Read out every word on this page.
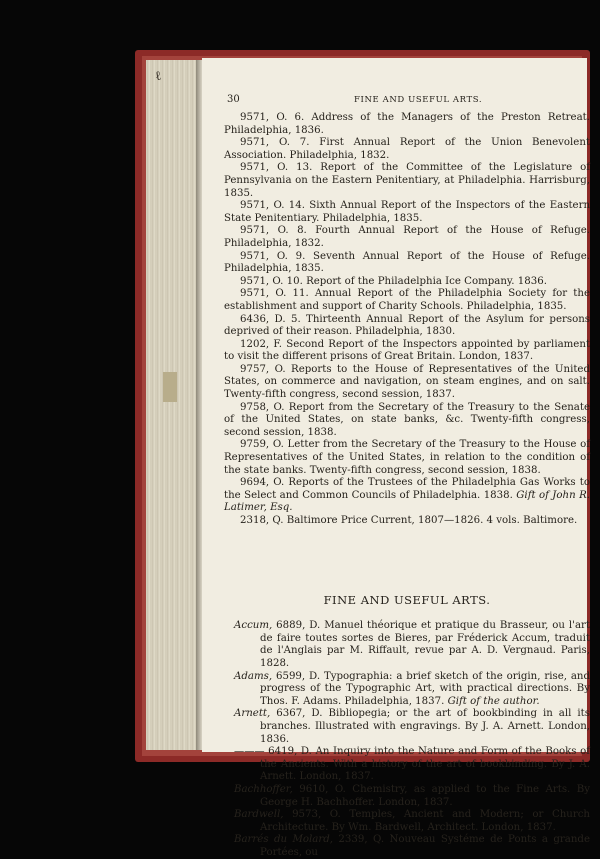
ℓ
30	FINE AND USEFUL ARTS.

9571, O. 6. Address of the Managers of the Preston Retreat. Philadelphia, 1836.

9571, O. 7. First Annual Report of the Union Benevolent Association. Philadelphia, 1832.

9571, O. 13. Report of the Committee of the Legislature of Pennsylvania on the Eastern Penitentiary, at Philadelphia. Harrisburg, 1835.

9571, O. 14. Sixth Annual Report of the Inspectors of the Eastern State Penitentiary. Philadelphia, 1835.

9571, O. 8. Fourth Annual Report of the House of Refuge. Philadelphia, 1832.

9571, O. 9. Seventh Annual Report of the House of Refuge. Philadelphia, 1835.

9571, O. 10. Report of the Philadelphia Ice Company. 1836.

9571, O. 11. Annual Report of the Philadelphia Society for the establishment and support of Charity Schools. Philadelphia, 1835.

6436, D. 5. Thirteenth Annual Report of the Asylum for persons deprived of their reason. Philadelphia, 1830.

1202, F. Second Report of the Inspectors appointed by parliament to visit the different prisons of Great Britain. London, 1837.

9757, O. Reports to the House of Representatives of the United States, on commerce and navigation, on steam engines, and on salt. Twenty-fifth congress, second session, 1837.

9758, O. Report from the Secretary of the Treasury to the Senate of the United States, on state banks, &c. Twenty-fifth congress, second session, 1838.

9759, O. Letter from the Secretary of the Treasury to the House of Representatives of the United States, in relation to the condition of the state banks. Twenty-fifth congress, second session, 1838.

9694, O. Reports of the Trustees of the Philadelphia Gas Works to the Select and Common Councils of Philadelphia. 1838. Gift of John R. Latimer, Esq.

2318, Q. Baltimore Price Current, 1807—1826. 4 vols. Baltimore.

FINE AND USEFUL ARTS.

Accum, 6889, D. Manuel théorique et pratique du Brasseur, ou l'art de faire toutes sortes de Bieres, par Fréderick Accum, traduit de l'Anglais par M. Riffault, revue par A. D. Vergnaud. Paris, 1828.

Adams, 6599, D. Typographia: a brief sketch of the origin, rise, and progress of the Typographic Art, with practical directions. By Thos. F. Adams. Philadelphia, 1837. Gift of the author.

Arnett, 6367, D. Bibliopegia; or the art of bookbinding in all its branches. Illustrated with engravings. By J. A. Arnett. London, 1836.

——— 6419, D. An Inquiry into the Nature and Form of the Books of the Ancients. With a history of the art of bookbinding. By J. A. Arnett. London, 1837.

Bachhoffer, 9610, O. Chemistry, as applied to the Fine Arts. By George H. Bachhoffer. London, 1837.

Bardwell, 9573, O. Temples, Ancient and Modern; or Church Architecture. By Wm. Bardwell, Architect. London, 1837.

Barrés du Molard, 2339, Q. Nouveau Systéme de Ponts a grande Portées, ou
